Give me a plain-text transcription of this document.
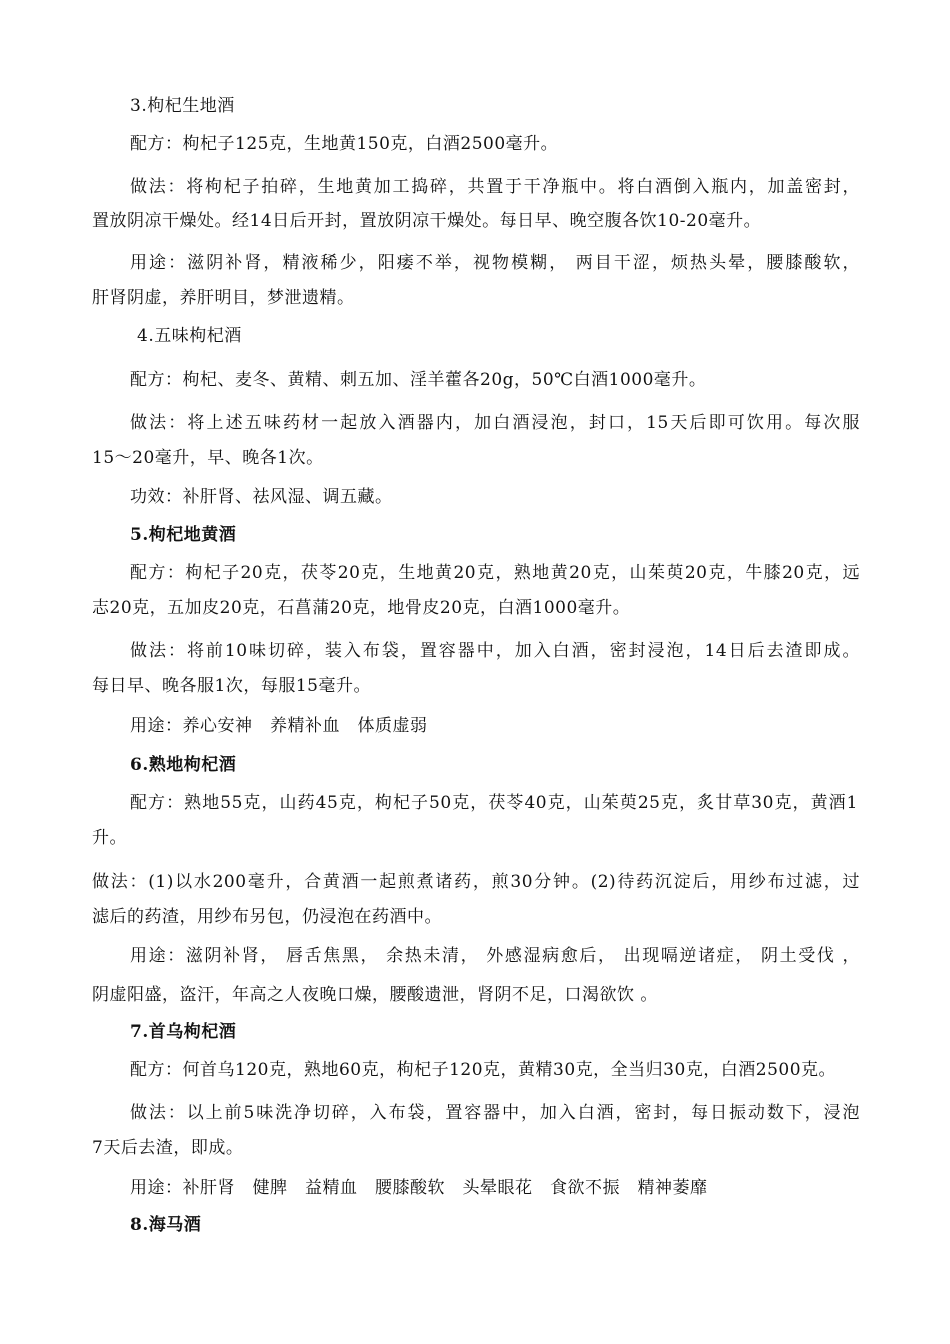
3.枸杞生地酒
配方：枸杞子125克，生地黄150克，白酒2500毫升。
做法：将枸杞子拍碎，生地黄加工捣碎，共置于干净瓶中。将白酒倒入瓶内，加盖密封，
置放阴凉干燥处。经14日后开封，置放阴凉干燥处。每日早、晚空腹各饮10-20毫升。
用途：滋阴补肾，精液稀少，阳痿不举，视物模糊， 两目干涩，烦热头晕，腰膝酸软，
肝肾阴虚，养肝明目，梦泄遗精。
4.五味枸杞酒
配方：枸杞、麦冬、黄精、刺五加、淫羊藿各20g，50℃白酒1000毫升。
做法：将上述五味药材一起放入酒器内，加白酒浸泡，封口，15天后即可饮用。每次服
15～20毫升，早、晚各1次。
功效：补肝肾、祛风湿、调五藏。
5.枸杞地黄酒
配方：枸杞子20克，茯苓20克，生地黄20克，熟地黄20克，山茱萸20克，牛膝20克，远
志20克，五加皮20克，石菖蒲20克，地骨皮20克，白酒1000毫升。
做法：将前10味切碎，装入布袋，置容器中，加入白酒，密封浸泡，14日后去渣即成。
每日早、晚各服1次，每服15毫升。
用途：养心安神　养精补血　体质虚弱
6.熟地枸杞酒
配方：熟地55克，山药45克，枸杞子50克，茯苓40克，山茱萸25克，炙甘草30克，黄酒1
升。
做法：(1)以水200毫升，合黄酒一起煎煮诸药，煎30分钟。(2)待药沉淀后，用纱布过滤，过
滤后的药渣，用纱布另包，仍浸泡在药酒中。
用途：滋阴补肾， 唇舌焦黑， 余热未清， 外感湿病愈后， 出现嗝逆诸症， 阴土受伐 ，
阴虚阳盛，盗汗，年高之人夜晚口燥，腰酸遗泄，肾阴不足，口渴欲饮 。
7.首乌枸杞酒
配方：何首乌120克，熟地60克，枸杞子120克，黄精30克，全当归30克，白酒2500克。
做法：以上前5味洗净切碎，入布袋，置容器中，加入白酒，密封，每日振动数下，浸泡
7天后去渣，即成。
用途：补肝肾　健脾　益精血　腰膝酸软　头晕眼花　食欲不振　精神萎靡
8.海马酒
